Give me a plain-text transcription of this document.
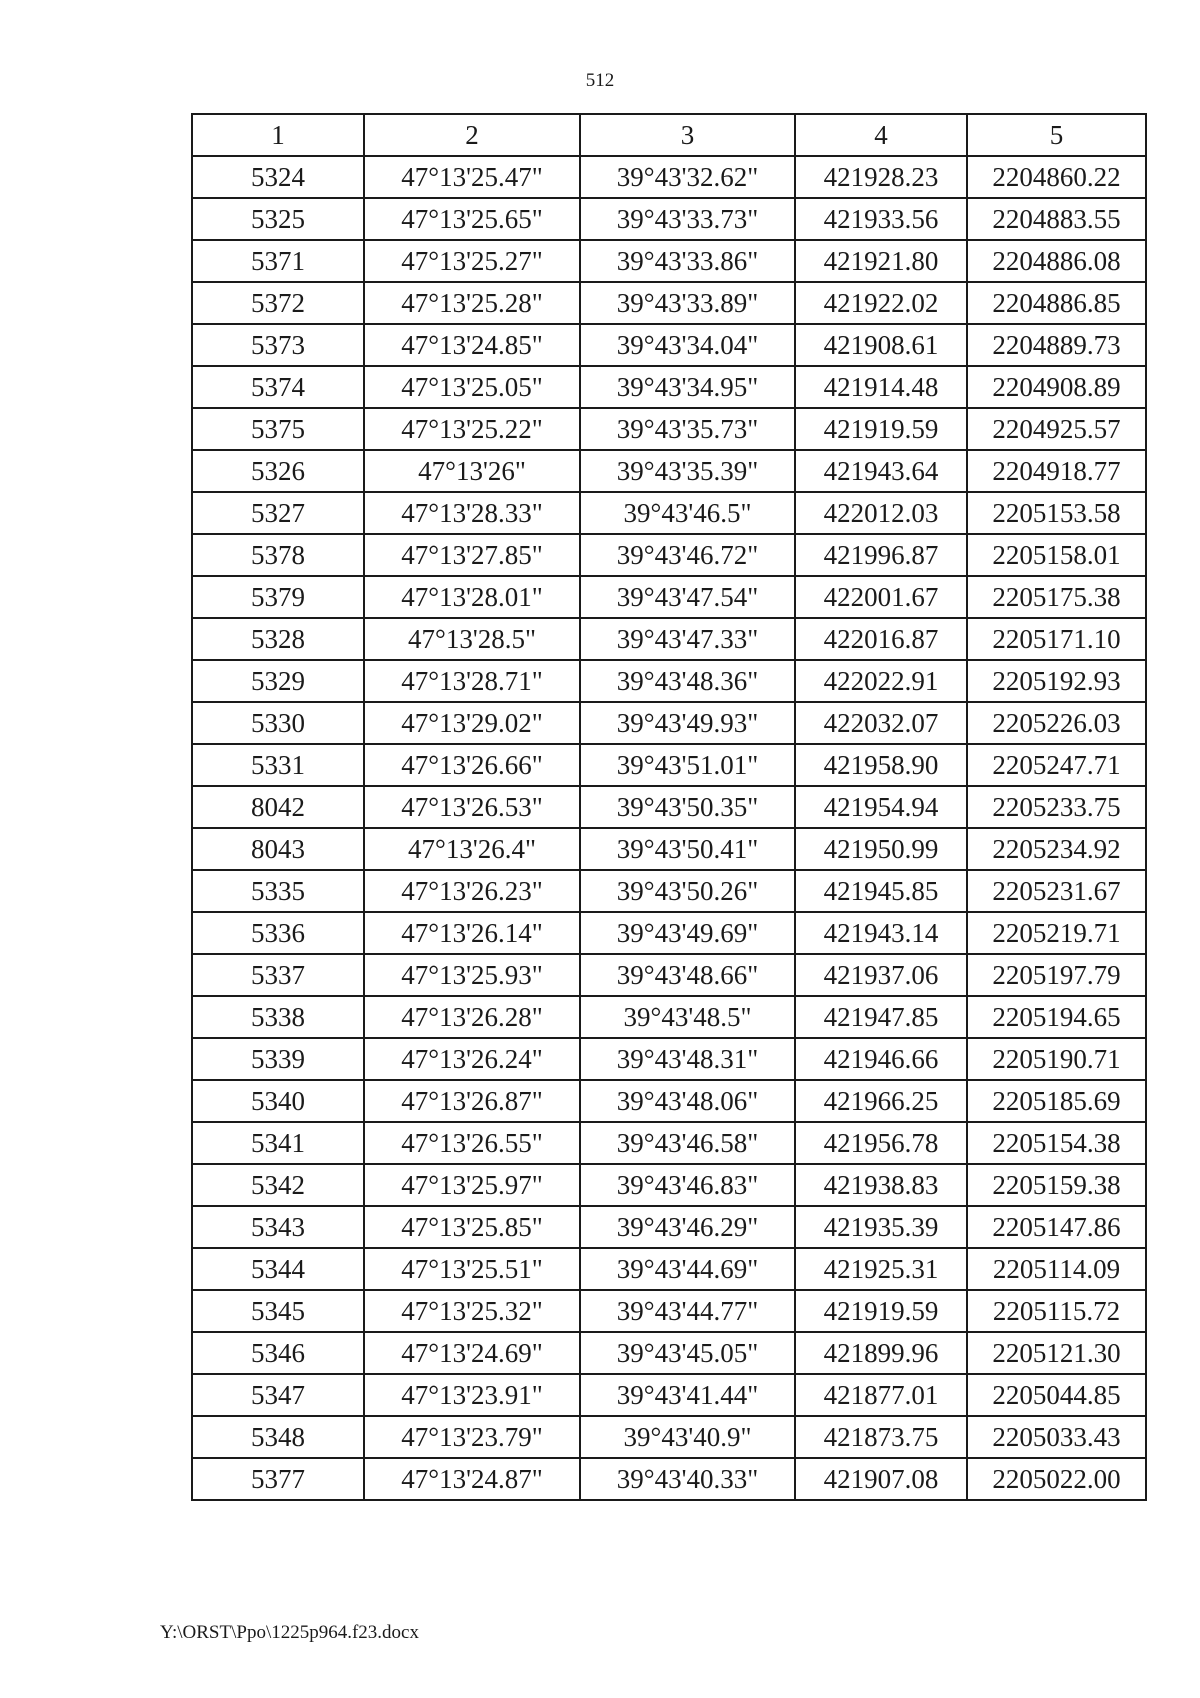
512
1	2	3	4	5
5324	47°13'25.47"	39°43'32.62"	421928.23	2204860.22
5325	47°13'25.65"	39°43'33.73"	421933.56	2204883.55
5371	47°13'25.27"	39°43'33.86"	421921.80	2204886.08
5372	47°13'25.28"	39°43'33.89"	421922.02	2204886.85
5373	47°13'24.85"	39°43'34.04"	421908.61	2204889.73
5374	47°13'25.05"	39°43'34.95"	421914.48	2204908.89
5375	47°13'25.22"	39°43'35.73"	421919.59	2204925.57
5326	47°13'26"	39°43'35.39"	421943.64	2204918.77
5327	47°13'28.33"	39°43'46.5"	422012.03	2205153.58
5378	47°13'27.85"	39°43'46.72"	421996.87	2205158.01
5379	47°13'28.01"	39°43'47.54"	422001.67	2205175.38
5328	47°13'28.5"	39°43'47.33"	422016.87	2205171.10
5329	47°13'28.71"	39°43'48.36"	422022.91	2205192.93
5330	47°13'29.02"	39°43'49.93"	422032.07	2205226.03
5331	47°13'26.66"	39°43'51.01"	421958.90	2205247.71
8042	47°13'26.53"	39°43'50.35"	421954.94	2205233.75
8043	47°13'26.4"	39°43'50.41"	421950.99	2205234.92
5335	47°13'26.23"	39°43'50.26"	421945.85	2205231.67
5336	47°13'26.14"	39°43'49.69"	421943.14	2205219.71
5337	47°13'25.93"	39°43'48.66"	421937.06	2205197.79
5338	47°13'26.28"	39°43'48.5"	421947.85	2205194.65
5339	47°13'26.24"	39°43'48.31"	421946.66	2205190.71
5340	47°13'26.87"	39°43'48.06"	421966.25	2205185.69
5341	47°13'26.55"	39°43'46.58"	421956.78	2205154.38
5342	47°13'25.97"	39°43'46.83"	421938.83	2205159.38
5343	47°13'25.85"	39°43'46.29"	421935.39	2205147.86
5344	47°13'25.51"	39°43'44.69"	421925.31	2205114.09
5345	47°13'25.32"	39°43'44.77"	421919.59	2205115.72
5346	47°13'24.69"	39°43'45.05"	421899.96	2205121.30
5347	47°13'23.91"	39°43'41.44"	421877.01	2205044.85
5348	47°13'23.79"	39°43'40.9"	421873.75	2205033.43
5377	47°13'24.87"	39°43'40.33"	421907.08	2205022.00
Y:\ORST\Ppo\1225p964.f23.docx
